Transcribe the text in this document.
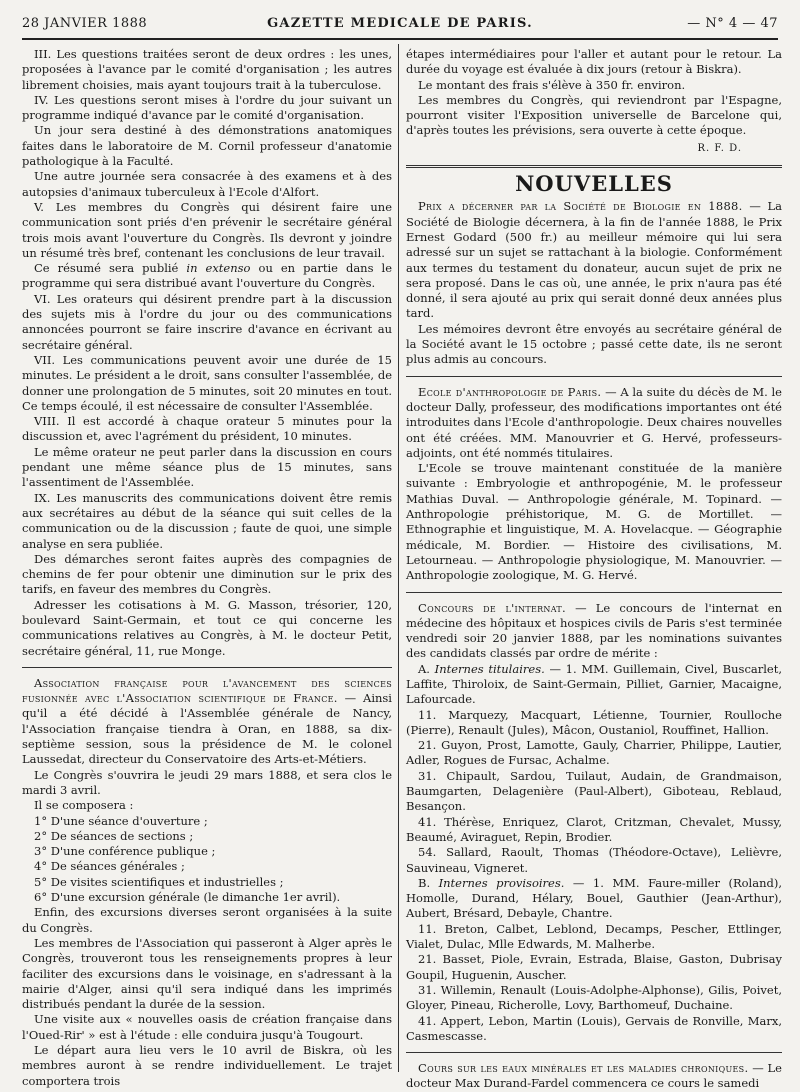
28 JANVIER 1888	GAZETTE MEDICALE DE PARIS.	— N° 4 — 47

III. Les questions traitées seront de deux ordres : les unes, proposées à l'avance par le comité d'organisation ; les autres librement choisies, mais ayant toujours trait à la tuberculose.

IV. Les questions seront mises à l'ordre du jour suivant un programme indiqué d'avance par le comité d'organisation.

Un jour sera destiné à des démonstrations anatomiques faites dans le laboratoire de M. Cornil professeur d'anatomie pathologique à la Faculté.

Une autre journée sera consacrée à des examens et à des autopsies d'animaux tuberculeux à l'Ecole d'Alfort.

V. Les membres du Congrès qui désirent faire une communication sont priés d'en prévenir le secrétaire général trois mois avant l'ouverture du Congrès. Ils devront y joindre un résumé très bref, contenant les conclusions de leur travail.

Ce résumé sera publié in extenso ou en partie dans le programme qui sera distribué avant l'ouverture du Congrès.

VI. Les orateurs qui désirent prendre part à la discussion des sujets mis à l'ordre du jour ou des communications annoncées pourront se faire inscrire d'avance en écrivant au secrétaire général.

VII. Les communications peuvent avoir une durée de 15 minutes. Le président a le droit, sans consulter l'assemblée, de donner une prolongation de 5 minutes, soit 20 minutes en tout. Ce temps écoulé, il est nécessaire de consulter l'Assemblée.

VIII. Il est accordé à chaque orateur 5 minutes pour la discussion et, avec l'agrément du président, 10 minutes.

Le même orateur ne peut parler dans la discussion en cours pendant une même séance plus de 15 minutes, sans l'assentiment de l'Assemblée.

IX. Les manuscrits des communications doivent être remis aux secrétaires au début de la séance qui suit celles de la communication ou de la discussion ; faute de quoi, une simple analyse en sera publiée.

Des démarches seront faites auprès des compagnies de chemins de fer pour obtenir une diminution sur le prix des tarifs, en faveur des membres du Congrès.

Adresser les cotisations à M. G. Masson, trésorier, 120, boulevard Saint-Germain, et tout ce qui concerne les communications relatives au Congrès, à M. le docteur Petit, secrétaire général, 11, rue Monge.

Association française pour l'avancement des sciences fusionnée avec l'Association scientifique de France. — Ainsi qu'il a été décidé à l'Assemblée générale de Nancy, l'Association française tiendra à Oran, en 1888, sa dix-septième session, sous la présidence de M. le colonel Laussedat, directeur du Conservatoire des Arts-et-Métiers.

Le Congrès s'ouvrira le jeudi 29 mars 1888, et sera clos le mardi 3 avril.

Il se composera :

1° D'une séance d'ouverture ;

2° De séances de sections ;

3° D'une conférence publique ;

4° De séances générales ;

5° De visites scientifiques et industrielles ;

6° D'une excursion générale (le dimanche 1er avril).

Enfin, des excursions diverses seront organisées à la suite du Congrès.

Les membres de l'Association qui passeront à Alger après le Congrès, trouveront tous les renseignements propres à leur faciliter des excursions dans le voisinage, en s'adressant à la mairie d'Alger, ainsi qu'il sera indiqué dans les imprimés distribués pendant la durée de la session.

Une visite aux « nouvelles oasis de création française dans l'Oued-Rir' » est à l'étude : elle conduira jusqu'à Tougourt.

Le départ aura lieu vers le 10 avril de Biskra, où les membres auront à se rendre individuellement. Le trajet comportera trois

étapes intermédiaires pour l'aller et autant pour le retour. La durée du voyage est évaluée à dix jours (retour à Biskra).

Le montant des frais s'élève à 350 fr. environ.

Les membres du Congrès, qui reviendront par l'Espagne, pourront visiter l'Exposition universelle de Barcelone qui, d'après toutes les prévisions, sera ouverte à cette époque.

R. F. D.
NOUVELLES

Prix a décerner par la Société de Biologie en 1888. — La Société de Biologie décernera, à la fin de l'année 1888, le Prix Ernest Godard (500 fr.) au meilleur mémoire qui lui sera adressé sur un sujet se rattachant à la biologie. Conformément aux termes du testament du donateur, aucun sujet de prix ne sera proposé. Dans le cas où, une année, le prix n'aura pas été donné, il sera ajouté au prix qui serait donné deux années plus tard.

Les mémoires devront être envoyés au secrétaire général de la Société avant le 15 octobre ; passé cette date, ils ne seront plus admis au concours.

Ecole d'anthropologie de Paris. — A la suite du décès de M. le docteur Dally, professeur, des modifications importantes ont été introduites dans l'Ecole d'anthropologie. Deux chaires nouvelles ont été créées. MM. Manouvrier et G. Hervé, professeurs-adjoints, ont été nommés titulaires.

L'Ecole se trouve maintenant constituée de la manière suivante : Embryologie et anthropogénie, M. le professeur Mathias Duval. — Anthropologie générale, M. Topinard. — Anthropologie préhistorique, M. G. de Mortillet. — Ethnographie et linguistique, M. A. Hovelacque. — Géographie médicale, M. Bordier. — Histoire des civilisations, M. Letourneau. — Anthropologie physiologique, M. Manouvrier. — Anthropologie zoologique, M. G. Hervé.

Concours de l'internat. — Le concours de l'internat en médecine des hôpitaux et hospices civils de Paris s'est terminée vendredi soir 20 janvier 1888, par les nominations suivantes des candidats classés par ordre de mérite :

A. Internes titulaires. — 1. MM. Guillemain, Civel, Buscarlet, Laffite, Thiroloix, de Saint-Germain, Pilliet, Garnier, Macaigne, Lafourcade.

11. Marquezy, Macquart, Létienne, Tournier, Roulloche (Pierre), Renault (Jules), Mâcon, Oustaniol, Rouffinet, Hallion.

21. Guyon, Prost, Lamotte, Gauly, Charrier, Philippe, Lautier, Adler, Rogues de Fursac, Achalme.

31. Chipault, Sardou, Tuilaut, Audain, de Grandmaison, Baumgarten, Delagenière (Paul-Albert), Giboteau, Reblaud, Besançon.

41. Thérèse, Enriquez, Clarot, Critzman, Chevalet, Mussy, Beaumé, Aviraguet, Repin, Brodier.

54. Sallard, Raoult, Thomas (Théodore-Octave), Lelièvre, Sauvineau, Vigneret.

B. Internes provisoires. — 1. MM. Faure-miller (Roland), Homolle, Durand, Hélary, Bouel, Gauthier (Jean-Arthur), Aubert, Brésard, Debayle, Chantre.

11. Breton, Calbet, Leblond, Decamps, Pescher, Ettlinger, Vialet, Dulac, Mlle Edwards, M. Malherbe.

21. Basset, Piole, Evrain, Estrada, Blaise, Gaston, Dubrisay Goupil, Huguenin, Auscher.

31. Willemin, Renault (Louis-Adolphe-Alphonse), Gilis, Poivet, Gloyer, Pineau, Richerolle, Lovy, Barthomeuf, Duchaine.

41. Appert, Lebon, Martin (Louis), Gervais de Ronville, Marx, Casmescasse.

Cours sur les eaux minérales et les maladies chroniques. — Le docteur Max Durand-Fardel commencera ce cours le samedi
